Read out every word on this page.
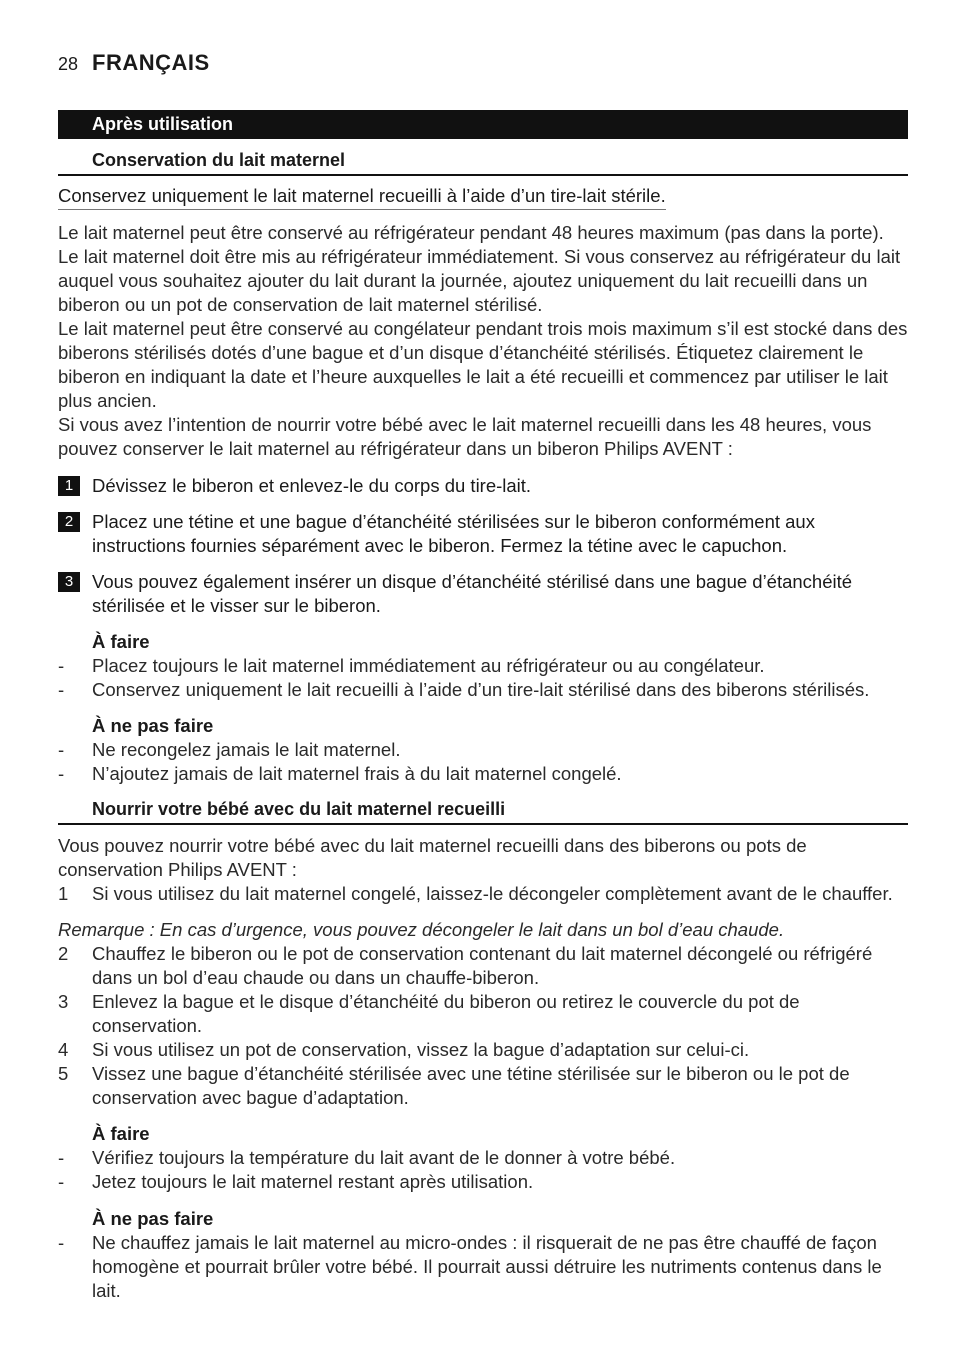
28 FRANÇAIS
Après utilisation
Conservation du lait maternel
Conservez uniquement le lait maternel recueilli à l’aide d’un tire-lait stérile.
Le lait maternel peut être conservé au réfrigérateur pendant 48 heures maximum (pas dans la porte). Le lait maternel doit être mis au réfrigérateur immédiatement. Si vous conservez au réfrigérateur du lait auquel vous souhaitez ajouter du lait durant la journée, ajoutez uniquement du lait recueilli dans un biberon ou un pot de conservation de lait maternel stérilisé.
Le lait maternel peut être conservé au congélateur pendant trois mois maximum s’il est stocké dans des biberons stérilisés dotés d’une bague et d’un disque d’étanchéité stérilisés. Étiquetez clairement le biberon en indiquant la date et l’heure auxquelles le lait a été recueilli et commencez par utiliser le lait plus ancien.
Si vous avez l’intention de nourrir votre bébé avec le lait maternel recueilli dans les 48 heures, vous pouvez conserver le lait maternel au réfrigérateur dans un biberon Philips AVENT :
1	Dévissez le biberon et enlevez-le du corps du tire-lait.
2	Placez une tétine et une bague d’étanchéité stérilisées sur le biberon conformément aux instructions fournies séparément avec le biberon. Fermez la tétine avec le capuchon.
3	Vous pouvez également insérer un disque d’étanchéité stérilisé dans une bague d’étanchéité stérilisée et le visser sur le biberon.
À faire
-	Placez toujours le lait maternel immédiatement au réfrigérateur ou au congélateur.
-	Conservez uniquement le lait recueilli à l’aide d’un tire-lait stérilisé dans des biberons stérilisés.
À ne pas faire
-	Ne recongelez jamais le lait maternel.
-	N’ajoutez jamais de lait maternel frais à du lait maternel congelé.
Nourrir votre bébé avec du lait maternel recueilli
Vous pouvez nourrir votre bébé avec du lait maternel recueilli dans des biberons ou pots de conservation Philips AVENT :
1	Si vous utilisez du lait maternel congelé, laissez-le décongeler complètement avant de le chauffer.
Remarque : En cas d’urgence, vous pouvez décongeler le lait dans un bol d’eau chaude.
2	Chauffez le biberon ou le pot de conservation contenant du lait maternel décongelé ou réfrigéré dans un bol d’eau chaude ou dans un chauffe-biberon.
3	Enlevez la bague et le disque d’étanchéité du biberon ou retirez le couvercle du pot de conservation.
4	Si vous utilisez un pot de conservation, vissez la bague d’adaptation sur celui-ci.
5	Vissez une bague d’étanchéité stérilisée avec une tétine stérilisée sur le biberon ou le pot de conservation avec bague d’adaptation.
À faire
-	Vérifiez toujours la température du lait avant de le donner à votre bébé.
-	Jetez toujours le lait maternel restant après utilisation.
À ne pas faire
-	Ne chauffez jamais le lait maternel au micro-ondes : il risquerait de ne pas être chauffé de façon homogène et pourrait brûler votre bébé. Il pourrait aussi détruire les nutriments contenus dans le lait.
